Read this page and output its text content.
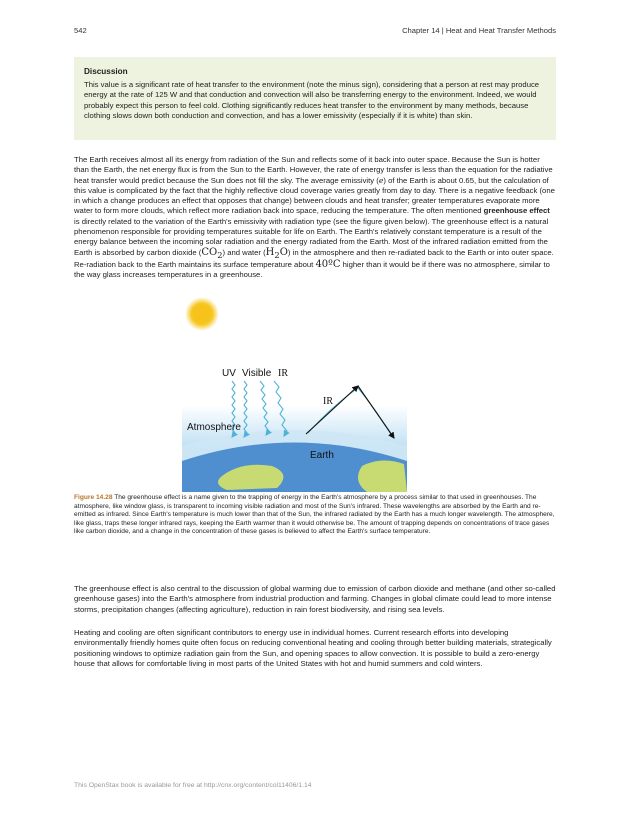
542	Chapter 14 | Heat and Heat Transfer Methods

Discussion

This value is a significant rate of heat transfer to the environment (note the minus sign), considering that a person at rest may produce energy at the rate of 125 W and that conduction and convection will also be transferring energy to the environment. Indeed, we would probably expect this person to feel cold. Clothing significantly reduces heat transfer to the environment by many methods, because clothing slows down both conduction and convection, and has a lower emissivity (especially if it is white) than skin.

The Earth receives almost all its energy from radiation of the Sun and reflects some of it back into outer space. Because the Sun is hotter than the Earth, the net energy flux is from the Sun to the Earth. However, the rate of energy transfer is less than the equation for the radiative heat transfer would predict because the Sun does not fill the sky. The average emissivity (e) of the Earth is about 0.65, but the calculation of this value is complicated by the fact that the highly reflective cloud coverage varies greatly from day to day. There is a negative feedback (one in which a change produces an effect that opposes that change) between clouds and heat transfer; greater temperatures evaporate more water to form more clouds, which reflect more radiation back into space, reducing the temperature. The often mentioned greenhouse effect is directly related to the variation of the Earth's emissivity with radiation type (see the figure given below). The greenhouse effect is a natural phenomenon responsible for providing temperatures suitable for life on Earth. The Earth's relatively constant temperature is a result of the energy balance between the incoming solar radiation and the energy radiated from the Earth. Most of the infrared radiation emitted from the Earth is absorbed by carbon dioxide $(CO_2)$ and water $(H_2O)$ in the atmosphere and then re-radiated back to the Earth or into outer space. Re-radiation back to the Earth maintains its surface temperature about 40ºC higher than it would be if there was no atmosphere, similar to the way glass increases temperatures in a greenhouse.

UV Visible IR
IR
Atmosphere
Earth

Figure 14.28 The greenhouse effect is a name given to the trapping of energy in the Earth's atmosphere by a process similar to that used in greenhouses. The atmosphere, like window glass, is transparent to incoming visible radiation and most of the Sun's infrared. These wavelengths are absorbed by the Earth and re-emitted as infrared. Since Earth's temperature is much lower than that of the Sun, the infrared radiated by the Earth has a much longer wavelength. The atmosphere, like glass, traps these longer infrared rays, keeping the Earth warmer than it would otherwise be. The amount of trapping depends on concentrations of trace gases like carbon dioxide, and a change in the concentration of these gases is believed to affect the Earth's surface temperature.

The greenhouse effect is also central to the discussion of global warming due to emission of carbon dioxide and methane (and other so-called greenhouse gases) into the Earth's atmosphere from industrial production and farming. Changes in global climate could lead to more intense storms, precipitation changes (affecting agriculture), reduction in rain forest biodiversity, and rising sea levels.

Heating and cooling are often significant contributors to energy use in individual homes. Current research efforts into developing environmentally friendly homes quite often focus on reducing conventional heating and cooling through better building materials, strategically positioning windows to optimize radiation gain from the Sun, and opening spaces to allow convection. It is possible to build a zero-energy house that allows for comfortable living in most parts of the United States with hot and humid summers and cold winters.

This OpenStax book is available for free at http://cnx.org/content/col11406/1.14
